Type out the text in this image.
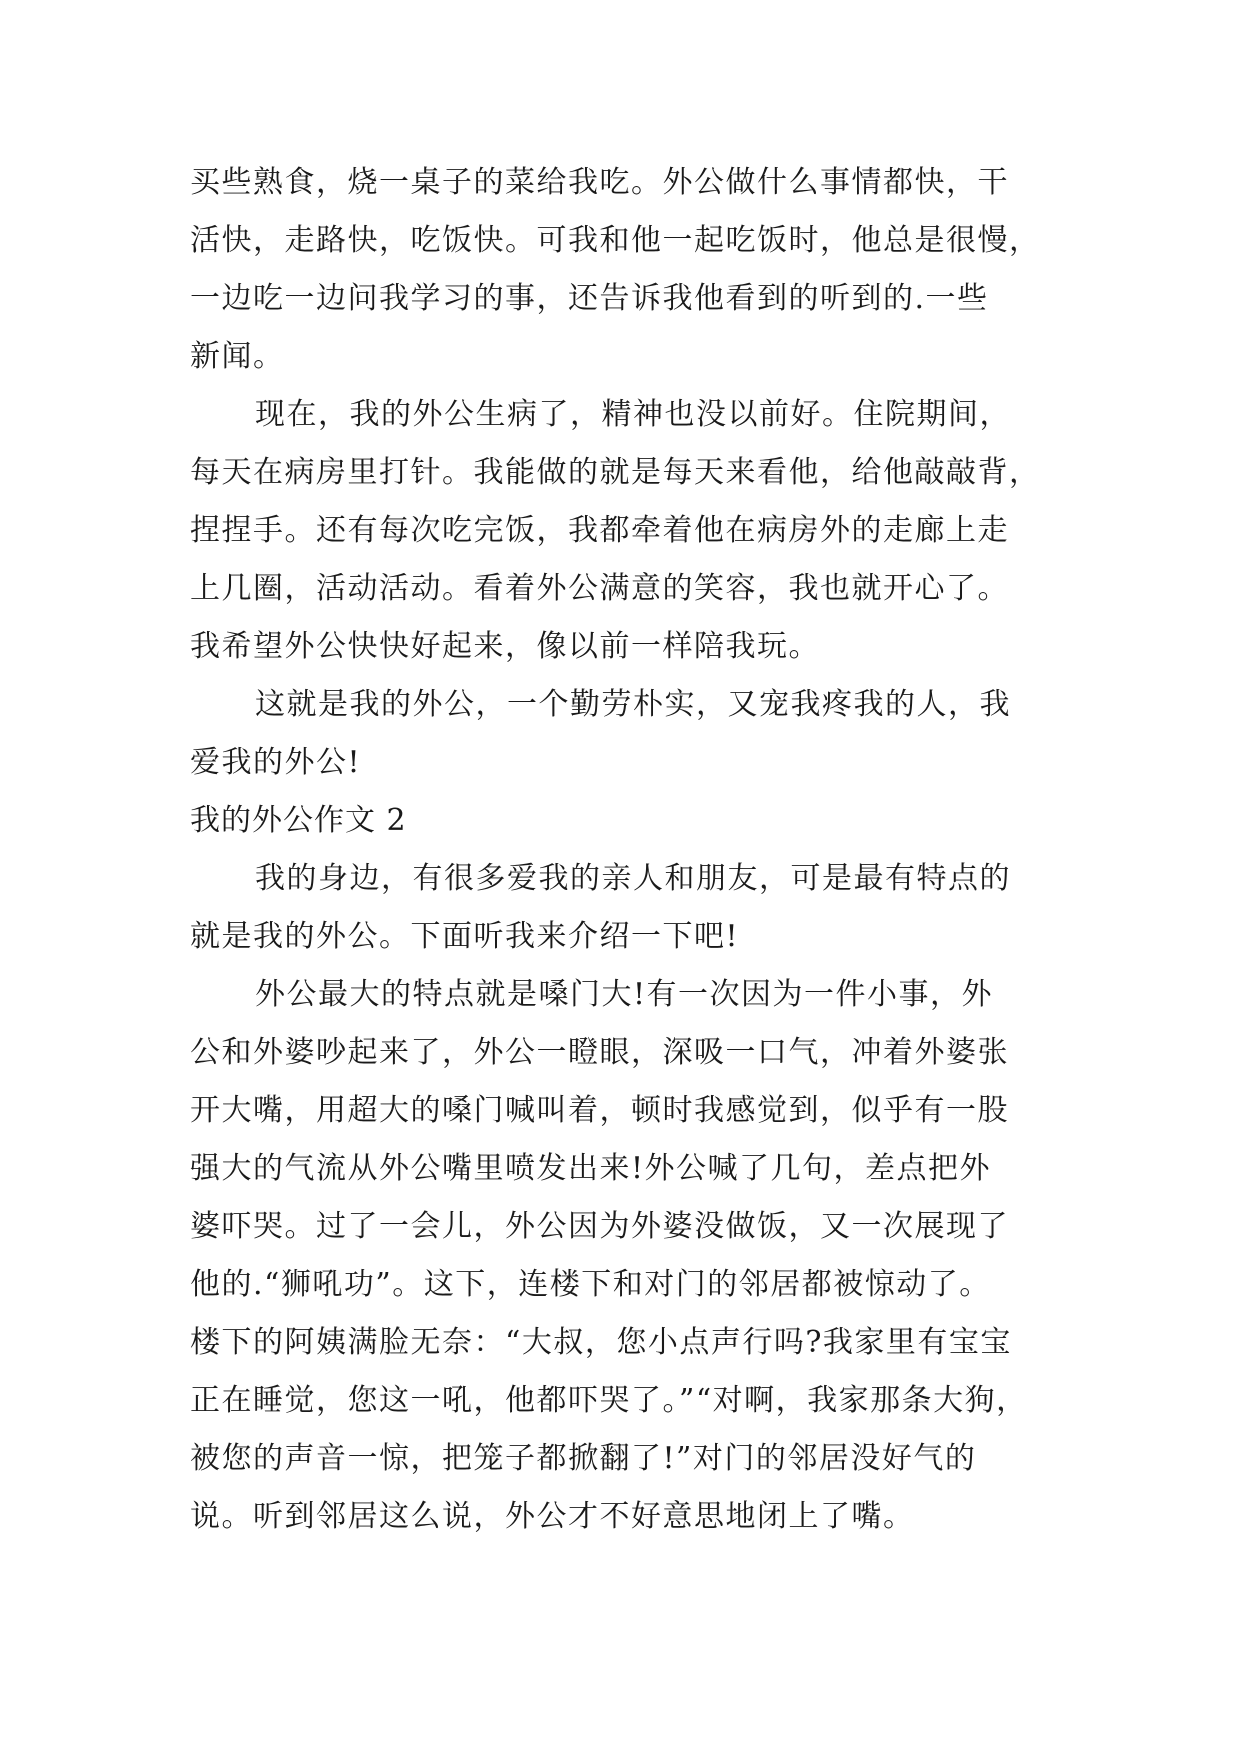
买些熟食，烧一桌子的菜给我吃。外公做什么事情都快，干
活快，走路快，吃饭快。可我和他一起吃饭时，他总是很慢，
一边吃一边问我学习的事，还告诉我他看到的听到的.一些
新闻。
现在，我的外公生病了，精神也没以前好。住院期间，
每天在病房里打针。我能做的就是每天来看他，给他敲敲背，
捏捏手。还有每次吃完饭，我都牵着他在病房外的走廊上走
上几圈，活动活动。看着外公满意的笑容，我也就开心了。
我希望外公快快好起来，像以前一样陪我玩。
这就是我的外公，一个勤劳朴实，又宠我疼我的人，我
爱我的外公!
我的外公作文 2
我的身边，有很多爱我的亲人和朋友，可是最有特点的
就是我的外公。下面听我来介绍一下吧!
外公最大的特点就是嗓门大!有一次因为一件小事，外
公和外婆吵起来了，外公一瞪眼，深吸一口气，冲着外婆张
开大嘴，用超大的嗓门喊叫着，顿时我感觉到，似乎有一股
强大的气流从外公嘴里喷发出来!外公喊了几句，差点把外
婆吓哭。过了一会儿，外公因为外婆没做饭，又一次展现了
他的.“狮吼功”。这下，连楼下和对门的邻居都被惊动了。
楼下的阿姨满脸无奈：“大叔，您小点声行吗?我家里有宝宝
正在睡觉，您这一吼，他都吓哭了。”“对啊，我家那条大狗，
被您的声音一惊，把笼子都掀翻了!”对门的邻居没好气的
说。听到邻居这么说，外公才不好意思地闭上了嘴。
